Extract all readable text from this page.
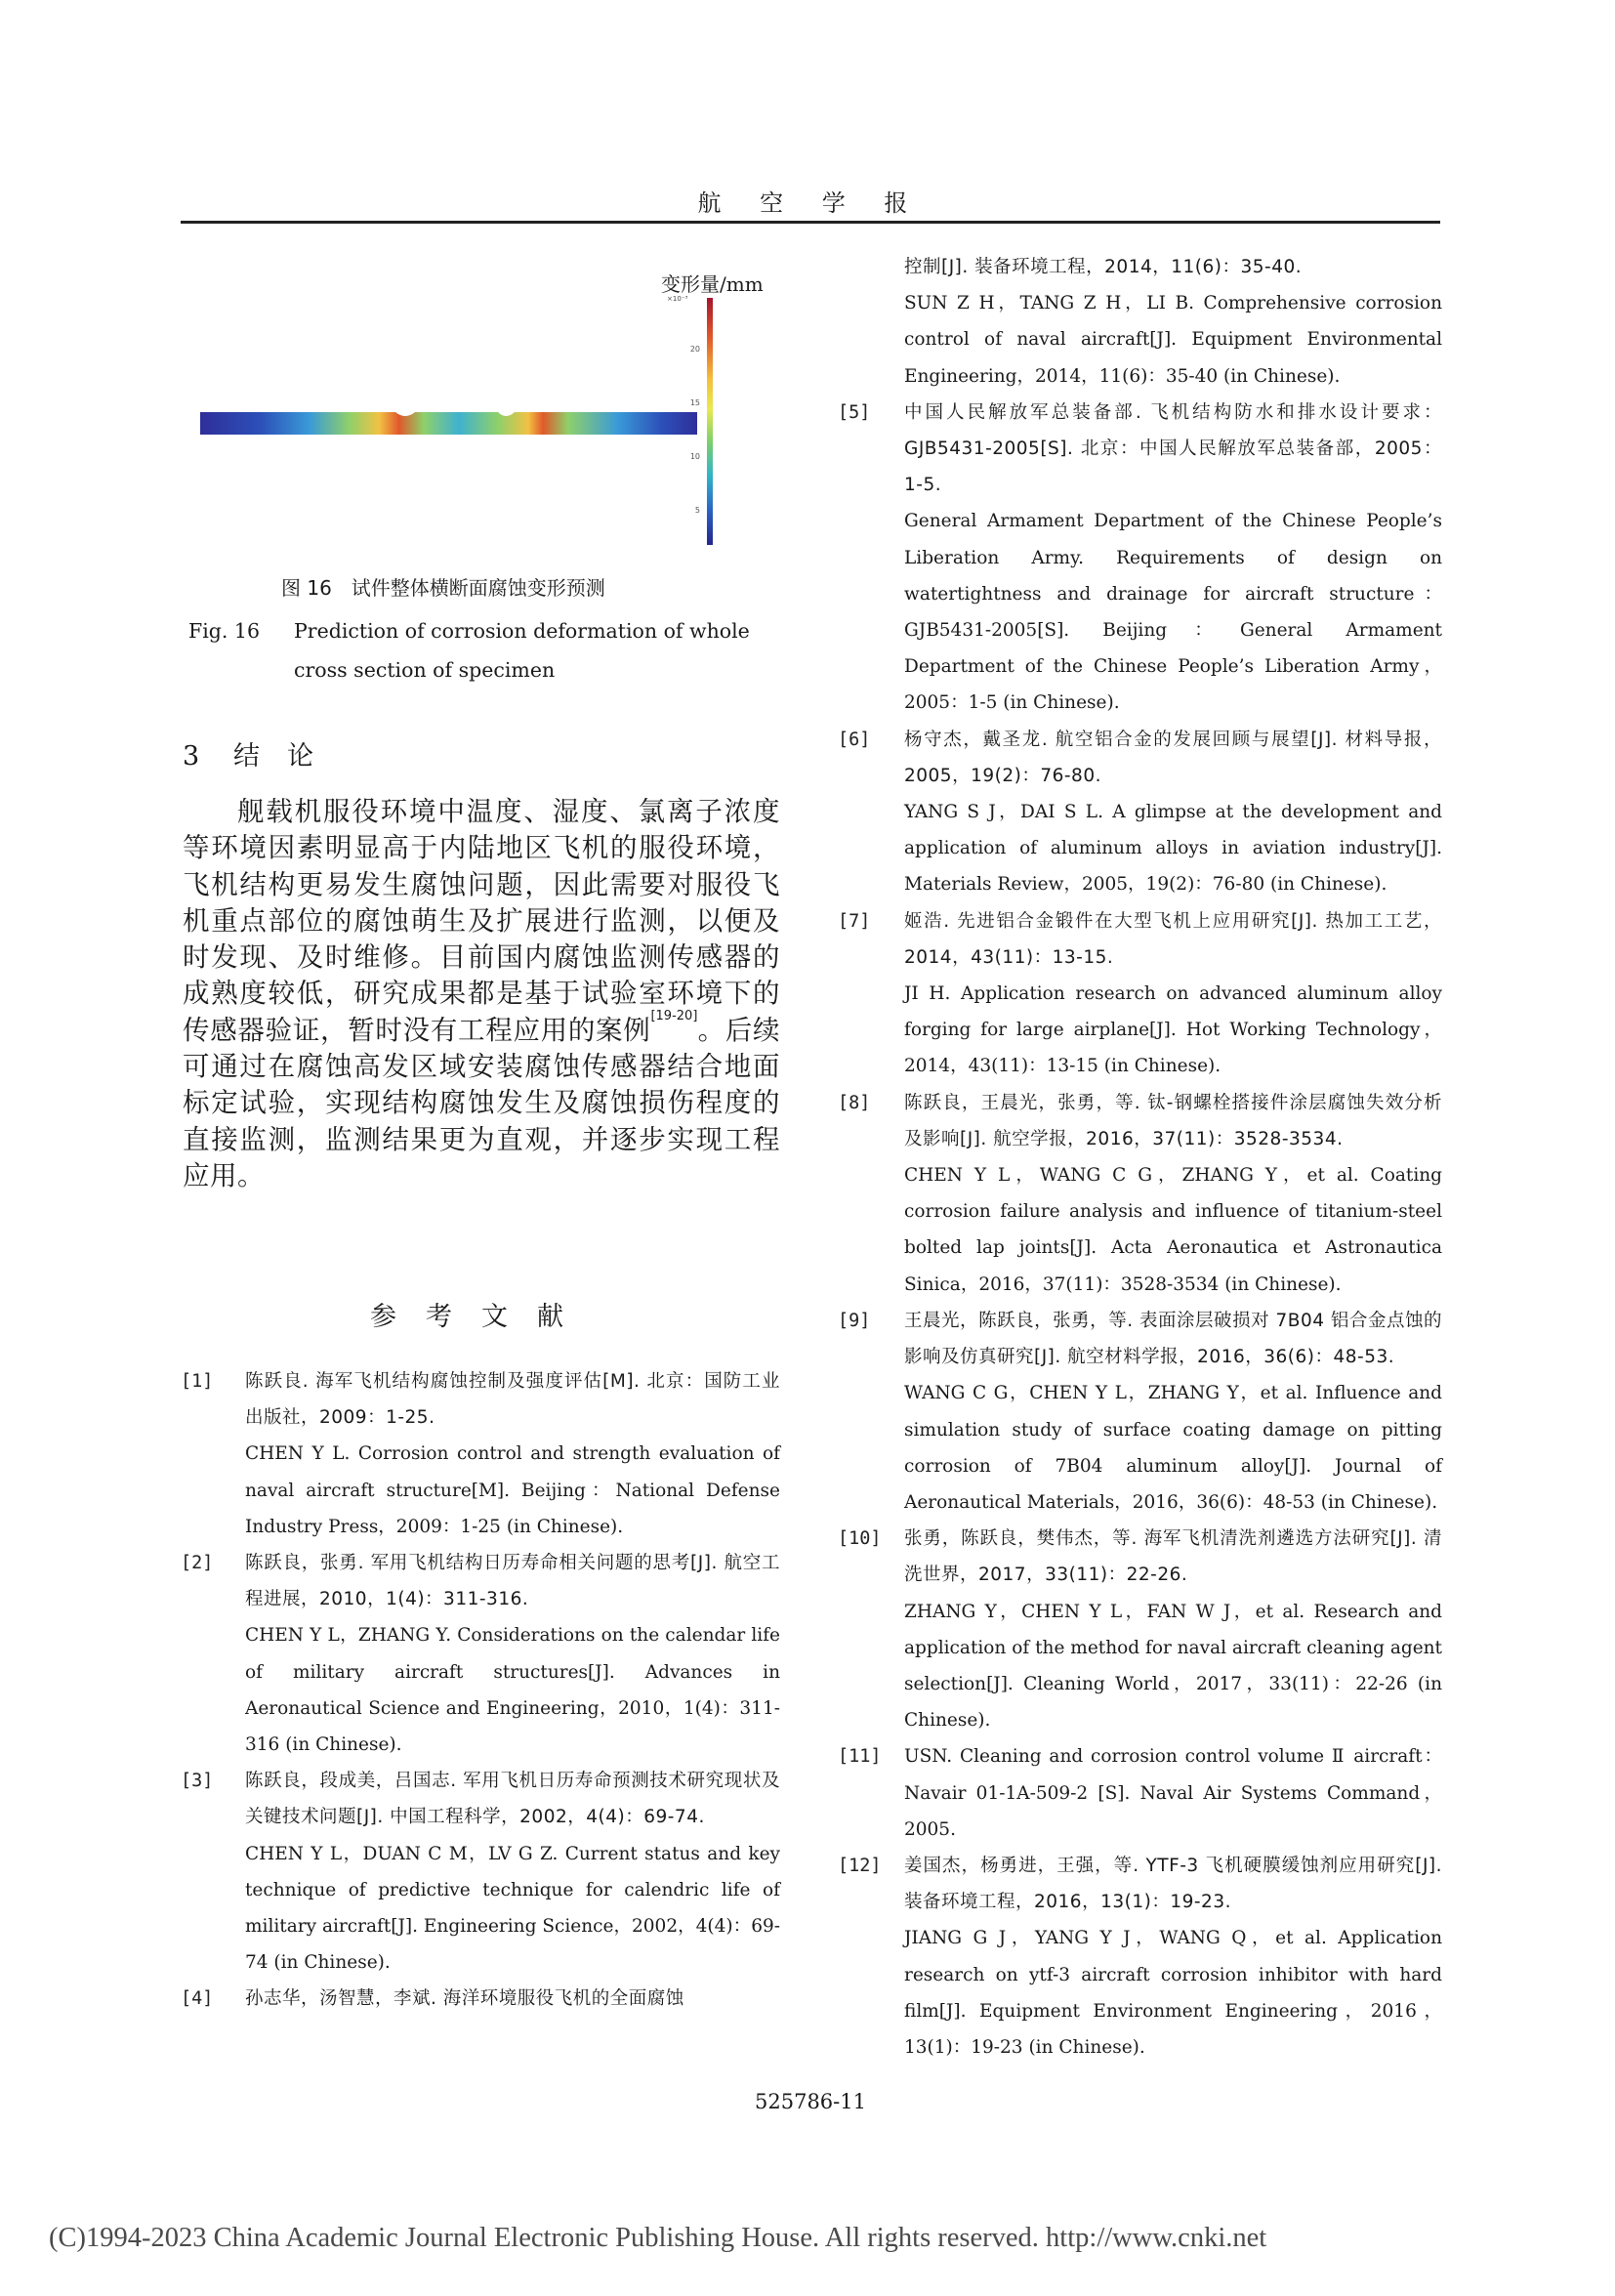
航 空 学 报
变形量/mm
×10⁻³
20
15
10
5
图 16　试件整体横断面腐蚀变形预测
Fig. 16 Prediction of corrosion deformation of whole cross section of specimen
3 结论
舰载机服役环境中温度、湿度、氯离子浓度等环境因素明显高于内陆地区飞机的服役环境，飞机结构更易发生腐蚀问题，因此需要对服役飞机重点部位的腐蚀萌生及扩展进行监测，以便及时发现、及时维修。目前国内腐蚀监测传感器的成熟度较低，研究成果都是基于试验室环境下的传感器验证，暂时没有工程应用的案例[19-20]。后续可通过在腐蚀高发区域安装腐蚀传感器结合地面标定试验，实现结构腐蚀发生及腐蚀损伤程度的直接监测，监测结果更为直观，并逐步实现工程应用。
参考文献
[1] 陈跃良. 海军飞机结构腐蚀控制及强度评估[M]. 北京：国防工业出版社，2009：1-25.
CHEN Y L. Corrosion control and strength evaluation of naval aircraft structure[M]. Beijing：National Defense Industry Press，2009：1-25 (in Chinese).
[2] 陈跃良，张勇. 军用飞机结构日历寿命相关问题的思考[J]. 航空工程进展，2010，1(4)：311-316.
CHEN Y L，ZHANG Y. Considerations on the calendar life of military aircraft structures[J]. Advances in Aeronautical Science and Engineering，2010，1(4)：311-316 (in Chinese).
[3] 陈跃良，段成美，吕国志. 军用飞机日历寿命预测技术研究现状及关键技术问题[J]. 中国工程科学，2002，4(4)：69-74.
CHEN Y L，DUAN C M，LV G Z. Current status and key technique of predictive technique for calendric life of military aircraft[J]. Engineering Science，2002，4(4)：69-74 (in Chinese).
[4] 孙志华，汤智慧，李斌. 海洋环境服役飞机的全面腐蚀
控制[J]. 装备环境工程，2014，11(6)：35-40.
SUN Z H，TANG Z H，LI B. Comprehensive corrosion control of naval aircraft[J]. Equipment Environmental Engineering，2014，11(6)：35-40 (in Chinese).
[5] 中国人民解放军总装备部. 飞机结构防水和排水设计要求：GJB5431-2005[S]. 北京：中国人民解放军总装备部，2005：1-5.
General Armament Department of the Chinese People’s Liberation Army. Requirements of design on watertightness and drainage for aircraft structure：GJB5431-2005[S]. Beijing：General Armament Department of the Chinese People’s Liberation Army，2005：1-5 (in Chinese).
[6] 杨守杰，戴圣龙. 航空铝合金的发展回顾与展望[J]. 材料导报，2005，19(2)：76-80.
YANG S J，DAI S L. A glimpse at the development and application of aluminum alloys in aviation industry[J]. Materials Review，2005，19(2)：76-80 (in Chinese).
[7] 姬浩. 先进铝合金锻件在大型飞机上应用研究[J]. 热加工工艺，2014，43(11)：13-15.
JI H. Application research on advanced aluminum alloy forging for large airplane[J]. Hot Working Technology，2014，43(11)：13-15 (in Chinese).
[8] 陈跃良，王晨光，张勇，等. 钛-钢螺栓搭接件涂层腐蚀失效分析及影响[J]. 航空学报，2016，37(11)：3528-3534.
CHEN Y L，WANG C G，ZHANG Y，et al. Coating corrosion failure analysis and influence of titanium-steel bolted lap joints[J]. Acta Aeronautica et Astronautica Sinica，2016，37(11)：3528-3534 (in Chinese).
[9] 王晨光，陈跃良，张勇，等. 表面涂层破损对 7B04 铝合金点蚀的影响及仿真研究[J]. 航空材料学报，2016，36(6)：48-53.
WANG C G，CHEN Y L，ZHANG Y，et al. Influence and simulation study of surface coating damage on pitting corrosion of 7B04 aluminum alloy[J]. Journal of Aeronautical Materials，2016，36(6)：48-53 (in Chinese).
[10] 张勇，陈跃良，樊伟杰，等. 海军飞机清洗剂遴选方法研究[J]. 清洗世界，2017，33(11)：22-26.
ZHANG Y，CHEN Y L，FAN W J，et al. Research and application of the method for naval aircraft cleaning agent selection[J]. Cleaning World，2017，33(11)：22-26 (in Chinese).
[11] USN. Cleaning and corrosion control volume Ⅱ aircraft：Navair 01-1A-509-2 [S]. Naval Air Systems Command，2005.
[12] 姜国杰，杨勇进，王强，等. YTF-3 飞机硬膜缓蚀剂应用研究[J]. 装备环境工程，2016，13(1)：19-23.
JIANG G J，YANG Y J，WANG Q，et al. Application research on ytf-3 aircraft corrosion inhibitor with hard film[J]. Equipment Environment Engineering，2016，13(1)：19-23 (in Chinese).
525786-11
(C)1994-2023 China Academic Journal Electronic Publishing House. All rights reserved. http://www.cnki.net
